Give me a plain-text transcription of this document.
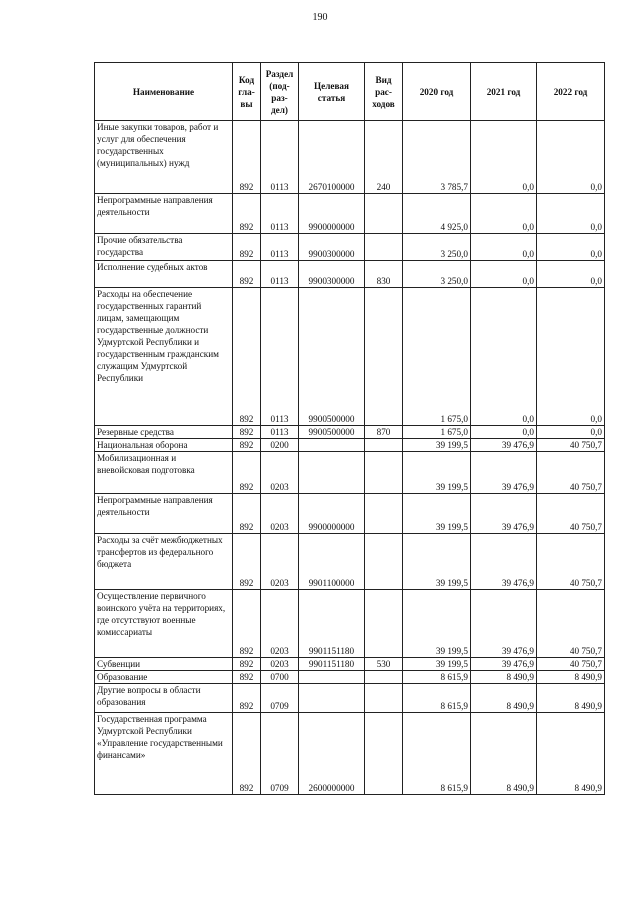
190
Наименование	Код гла-вы	Раздел (под-раз-дел)	Целевая статья	Вид рас-ходов	2020 год	2021 год	2022 год
Иные закупки товаров, работ и услуг для обеспечения государственных (муниципальных) нужд	892	0113	2670100000	240	3 785,7	0,0	0,0
Непрограммные направления деятельности	892	0113	9900000000		4 925,0	0,0	0,0
Прочие обязательства государства	892	0113	9900300000		3 250,0	0,0	0,0
Исполнение судебных актов	892	0113	9900300000	830	3 250,0	0,0	0,0
Расходы на обеспечение государственных гарантий лицам, замещающим государственные должности Удмуртской Республики и государственным гражданским служащим Удмуртской Республики	892	0113	9900500000		1 675,0	0,0	0,0
Резервные средства	892	0113	9900500000	870	1 675,0	0,0	0,0
Национальная оборона	892	0200			39 199,5	39 476,9	40 750,7
Мобилизационная и вневойсковая подготовка	892	0203			39 199,5	39 476,9	40 750,7
Непрограммные направления деятельности	892	0203	9900000000		39 199,5	39 476,9	40 750,7
Расходы за счёт межбюджетных трансфертов из федерального бюджета	892	0203	9901100000		39 199,5	39 476,9	40 750,7
Осуществление первичного воинского учёта на территориях, где отсутствуют военные комиссариаты	892	0203	9901151180		39 199,5	39 476,9	40 750,7
Субвенции	892	0203	9901151180	530	39 199,5	39 476,9	40 750,7
Образование	892	0700			8 615,9	8 490,9	8 490,9
Другие вопросы в области образования	892	0709			8 615,9	8 490,9	8 490,9
Государственная программа Удмуртской Республики «Управление государственными финансами»	892	0709	2600000000		8 615,9	8 490,9	8 490,9
